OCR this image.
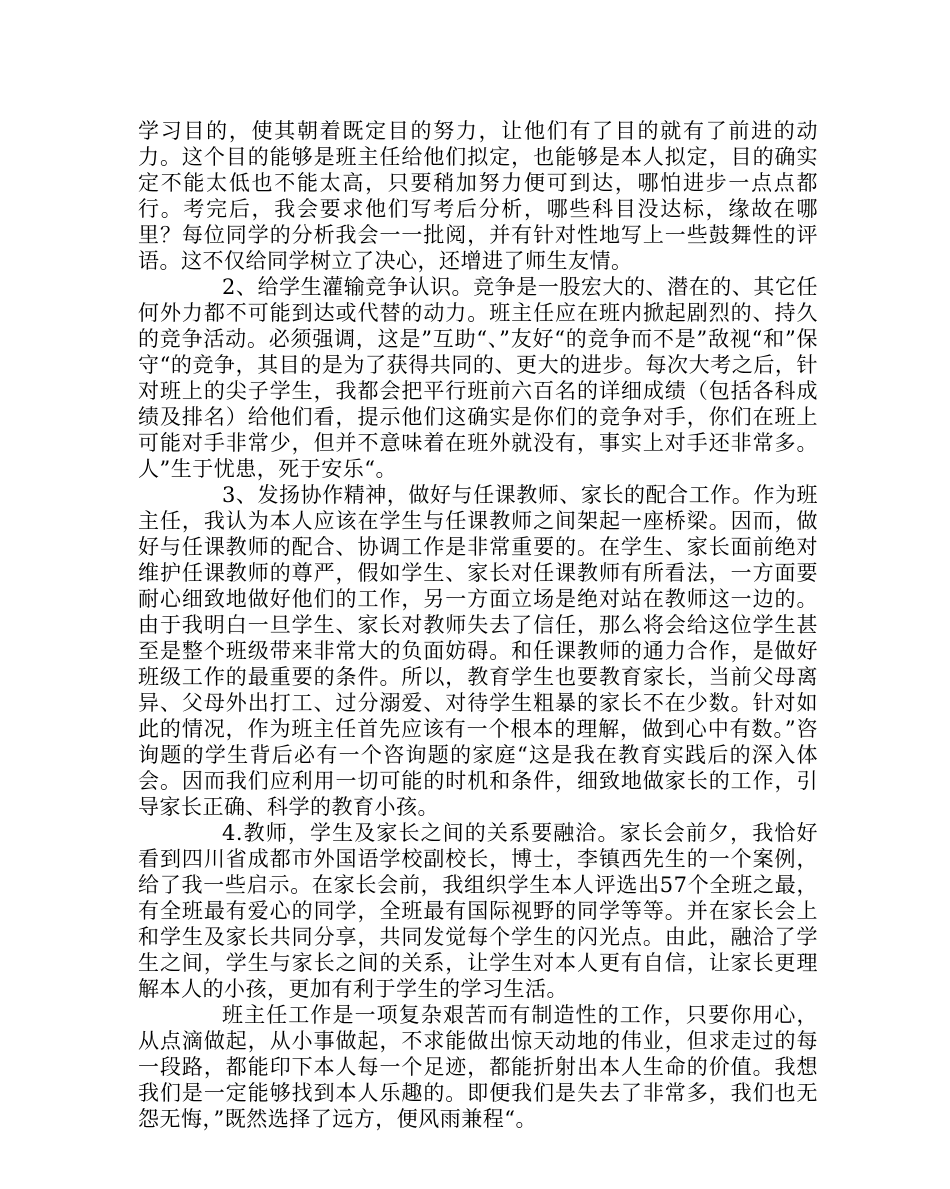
学习目的，使其朝着既定目的努力，让他们有了目的就有了前进的动力。这个目的能够是班主任给他们拟定，也能够是本人拟定，目的确实定不能太低也不能太高，只要稍加努力便可到达，哪怕进步一点点都行。考完后，我会要求他们写考后分析，哪些科目没达标，缘故在哪里？每位同学的分析我会一一批阅，并有针对性地写上一些鼓舞性的评语。这不仅给同学树立了决心，还增进了师生友情。

2、给学生灌输竞争认识。竞争是一股宏大的、潜在的、其它任何外力都不可能到达或代替的动力。班主任应在班内掀起剧烈的、持久的竞争活动。必须强调，这是”互助“、”友好“的竞争而不是”敌视“和”保守“的竞争，其目的是为了获得共同的、更大的进步。每次大考之后，针对班上的尖子学生，我都会把平行班前六百名的详细成绩（包括各科成绩及排名）给他们看，提示他们这确实是你们的竞争对手，你们在班上可能对手非常少，但并不意味着在班外就没有，事实上对手还非常多。人”生于忧患，死于安乐“。

3、发扬协作精神，做好与任课教师、家长的配合工作。作为班主任，我认为本人应该在学生与任课教师之间架起一座桥梁。因而，做好与任课教师的配合、协调工作是非常重要的。在学生、家长面前绝对维护任课教师的尊严，假如学生、家长对任课教师有所看法，一方面要耐心细致地做好他们的工作，另一方面立场是绝对站在教师这一边的。由于我明白一旦学生、家长对教师失去了信任，那么将会给这位学生甚至是整个班级带来非常大的负面妨碍。和任课教师的通力合作，是做好班级工作的最重要的条件。所以，教育学生也要教育家长，当前父母离异、父母外出打工、过分溺爱、对待学生粗暴的家长不在少数。针对如此的情况，作为班主任首先应该有一个根本的理解，做到心中有数。”咨询题的学生背后必有一个咨询题的家庭“这是我在教育实践后的深入体会。因而我们应利用一切可能的时机和条件，细致地做家长的工作，引导家长正确、科学的教育小孩。

4.教师，学生及家长之间的关系要融洽。家长会前夕，我恰好看到四川省成都市外国语学校副校长，博士，李镇西先生的一个案例，给了我一些启示。在家长会前，我组织学生本人评选出57个全班之最，有全班最有爱心的同学，全班最有国际视野的同学等等。并在家长会上和学生及家长共同分享，共同发觉每个学生的闪光点。由此，融洽了学生之间，学生与家长之间的关系，让学生对本人更有自信，让家长更理解本人的小孩，更加有利于学生的学习生活。

班主任工作是一项复杂艰苦而有制造性的工作，只要你用心，从点滴做起，从小事做起，不求能做出惊天动地的伟业，但求走过的每一段路，都能印下本人每一个足迹，都能折射出本人生命的价值。我想我们是一定能够找到本人乐趣的。即便我们是失去了非常多，我们也无怨无悔，”既然选择了远方，便风雨兼程“。
